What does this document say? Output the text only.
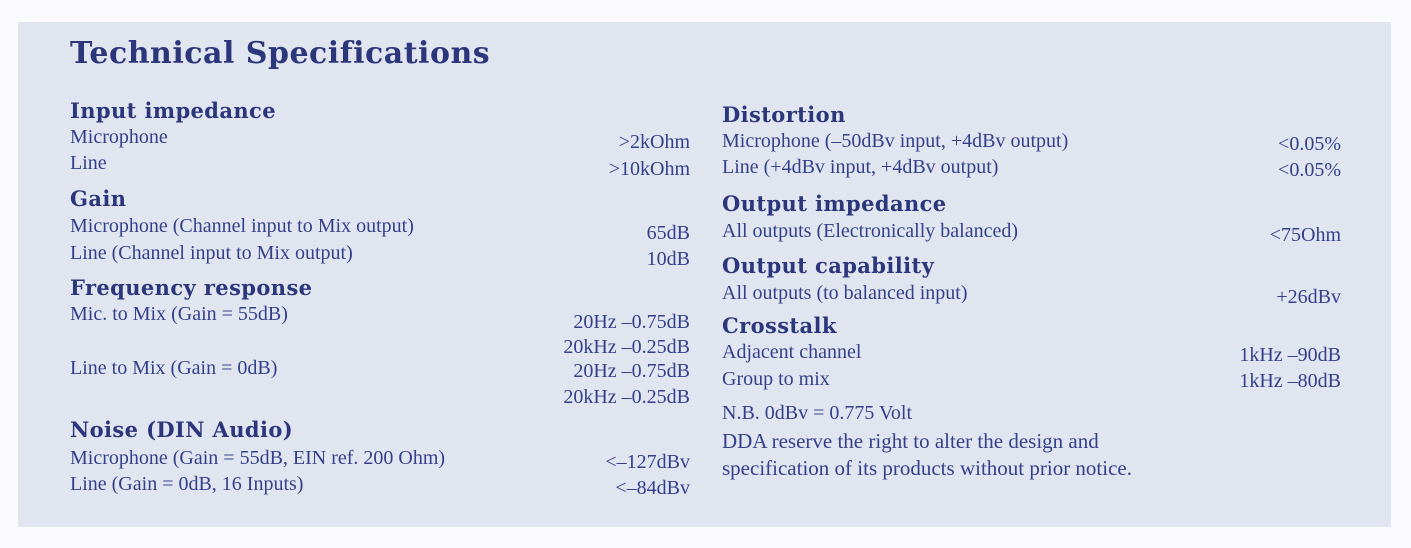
Technical Specifications
Input impedance
Microphone	>2kOhm
Line	>10kOhm
Gain
Microphone (Channel input to Mix output)	65dB
Line (Channel input to Mix output)	10dB
Frequency response
Mic. to Mix (Gain = 55dB)	20Hz –0.75dB
20kHz –0.25dB
Line to Mix (Gain = 0dB)	20Hz –0.75dB
20kHz –0.25dB
Noise (DIN Audio)
Microphone (Gain = 55dB, EIN ref. 200 Ohm)	<–127dBv
Line (Gain = 0dB, 16 Inputs)	<–84dBv
Distortion
Microphone (–50dBv input, +4dBv output)	<0.05%
Line (+4dBv input, +4dBv output)	<0.05%
Output impedance
All outputs (Electronically balanced)	<75Ohm
Output capability
All outputs (to balanced input)	+26dBv
Crosstalk
Adjacent channel	1kHz –90dB
Group to mix	1kHz –80dB
N.B. 0dBv = 0.775 Volt
DDA reserve the right to alter the design and
specification of its products without prior notice.
